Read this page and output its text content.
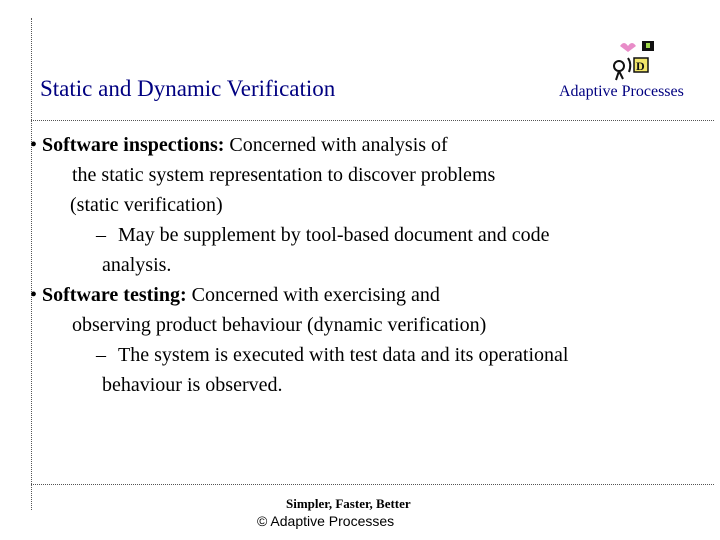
Static and Dynamic Verification	Adaptive Processes
D
• Software inspections: Concerned with analysis of
the static system representation to discover problems
(static verification)
– May be supplement by tool-based document and code
analysis.
• Software testing: Concerned with exercising and
observing product behaviour (dynamic verification)
– The system is executed with test data and its operational
behaviour is observed.
Simpler, Faster, Better
© Adaptive Processes
